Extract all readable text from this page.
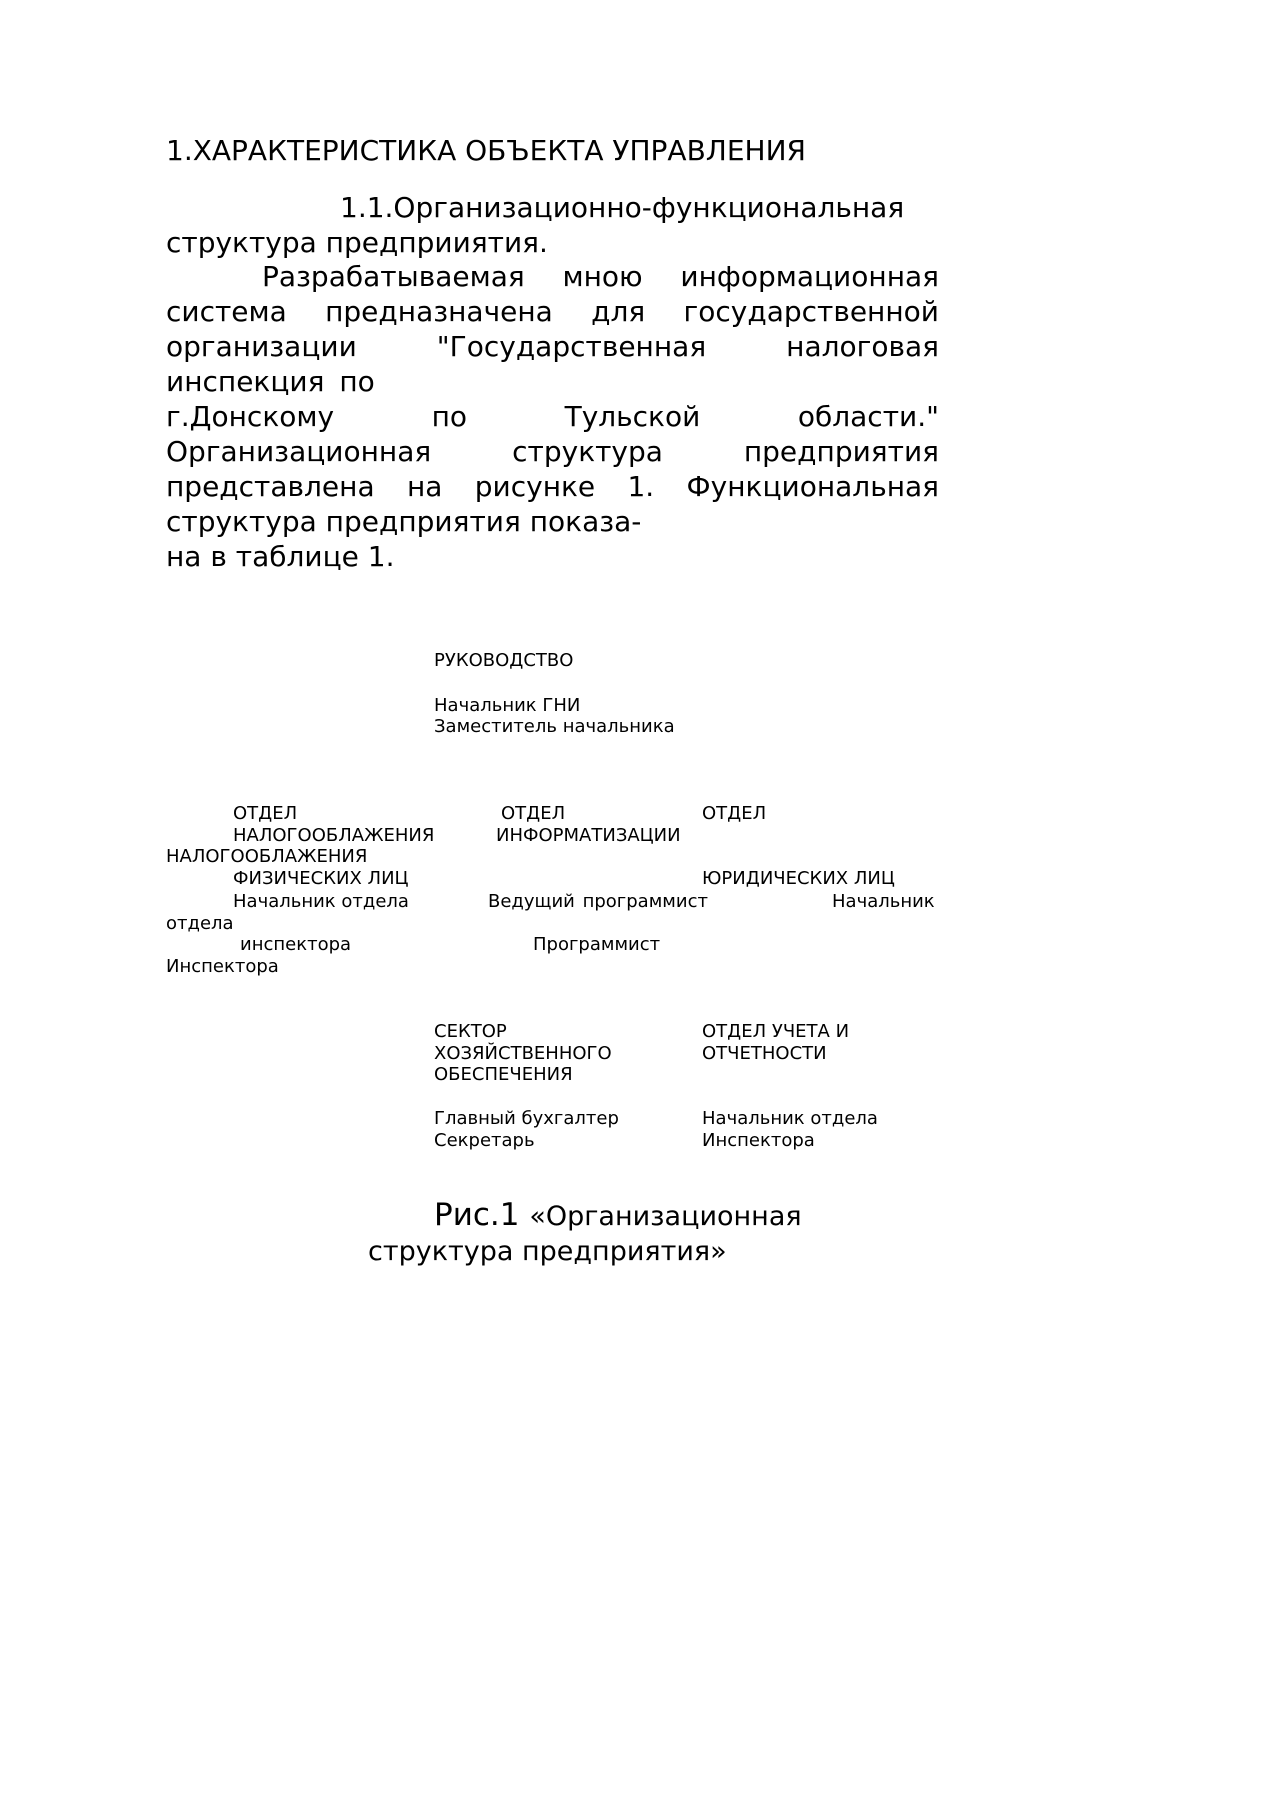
1.ХАРАКТЕРИСТИКА ОБЪЕКТА УПРАВЛЕНИЯ
1.1.Организационно-функциональная
структура предприиятия.
Разрабатываемая мною информационная
система предназначена для государственной
организации "Государственная налоговая
инспекция по
г.Донскому по Тульской области."
Организационная структура предприятия
представлена на рисунке 1. Функциональная
структура предприятия показа-
на в таблице 1.
РУКОВОДСТВО
Начальник ГНИ
Заместитель начальника
ОТДЕЛ
НАЛОГООБЛАЖЕНИЯ
НАЛОГООБЛАЖЕНИЯ
ФИЗИЧЕСКИХ ЛИЦ
Начальник отдела
отдела
инспектора
ОТДЕЛ
ИНФОРМАТИЗАЦИИ
Ведущий программист
Программист
ОТДЕЛ
ЮРИДИЧЕСКИХ ЛИЦ
Начальник
Инспектора
СЕКТОР
ХОЗЯЙСТВЕННОГО
ОБЕСПЕЧЕНИЯ
Главный бухгалтер
Секретарь
ОТДЕЛ УЧЕТА И
ОТЧЕТНОСТИ
Начальник отдела
Инспектора
Рис.1 «Организационная
структура предприятия»
